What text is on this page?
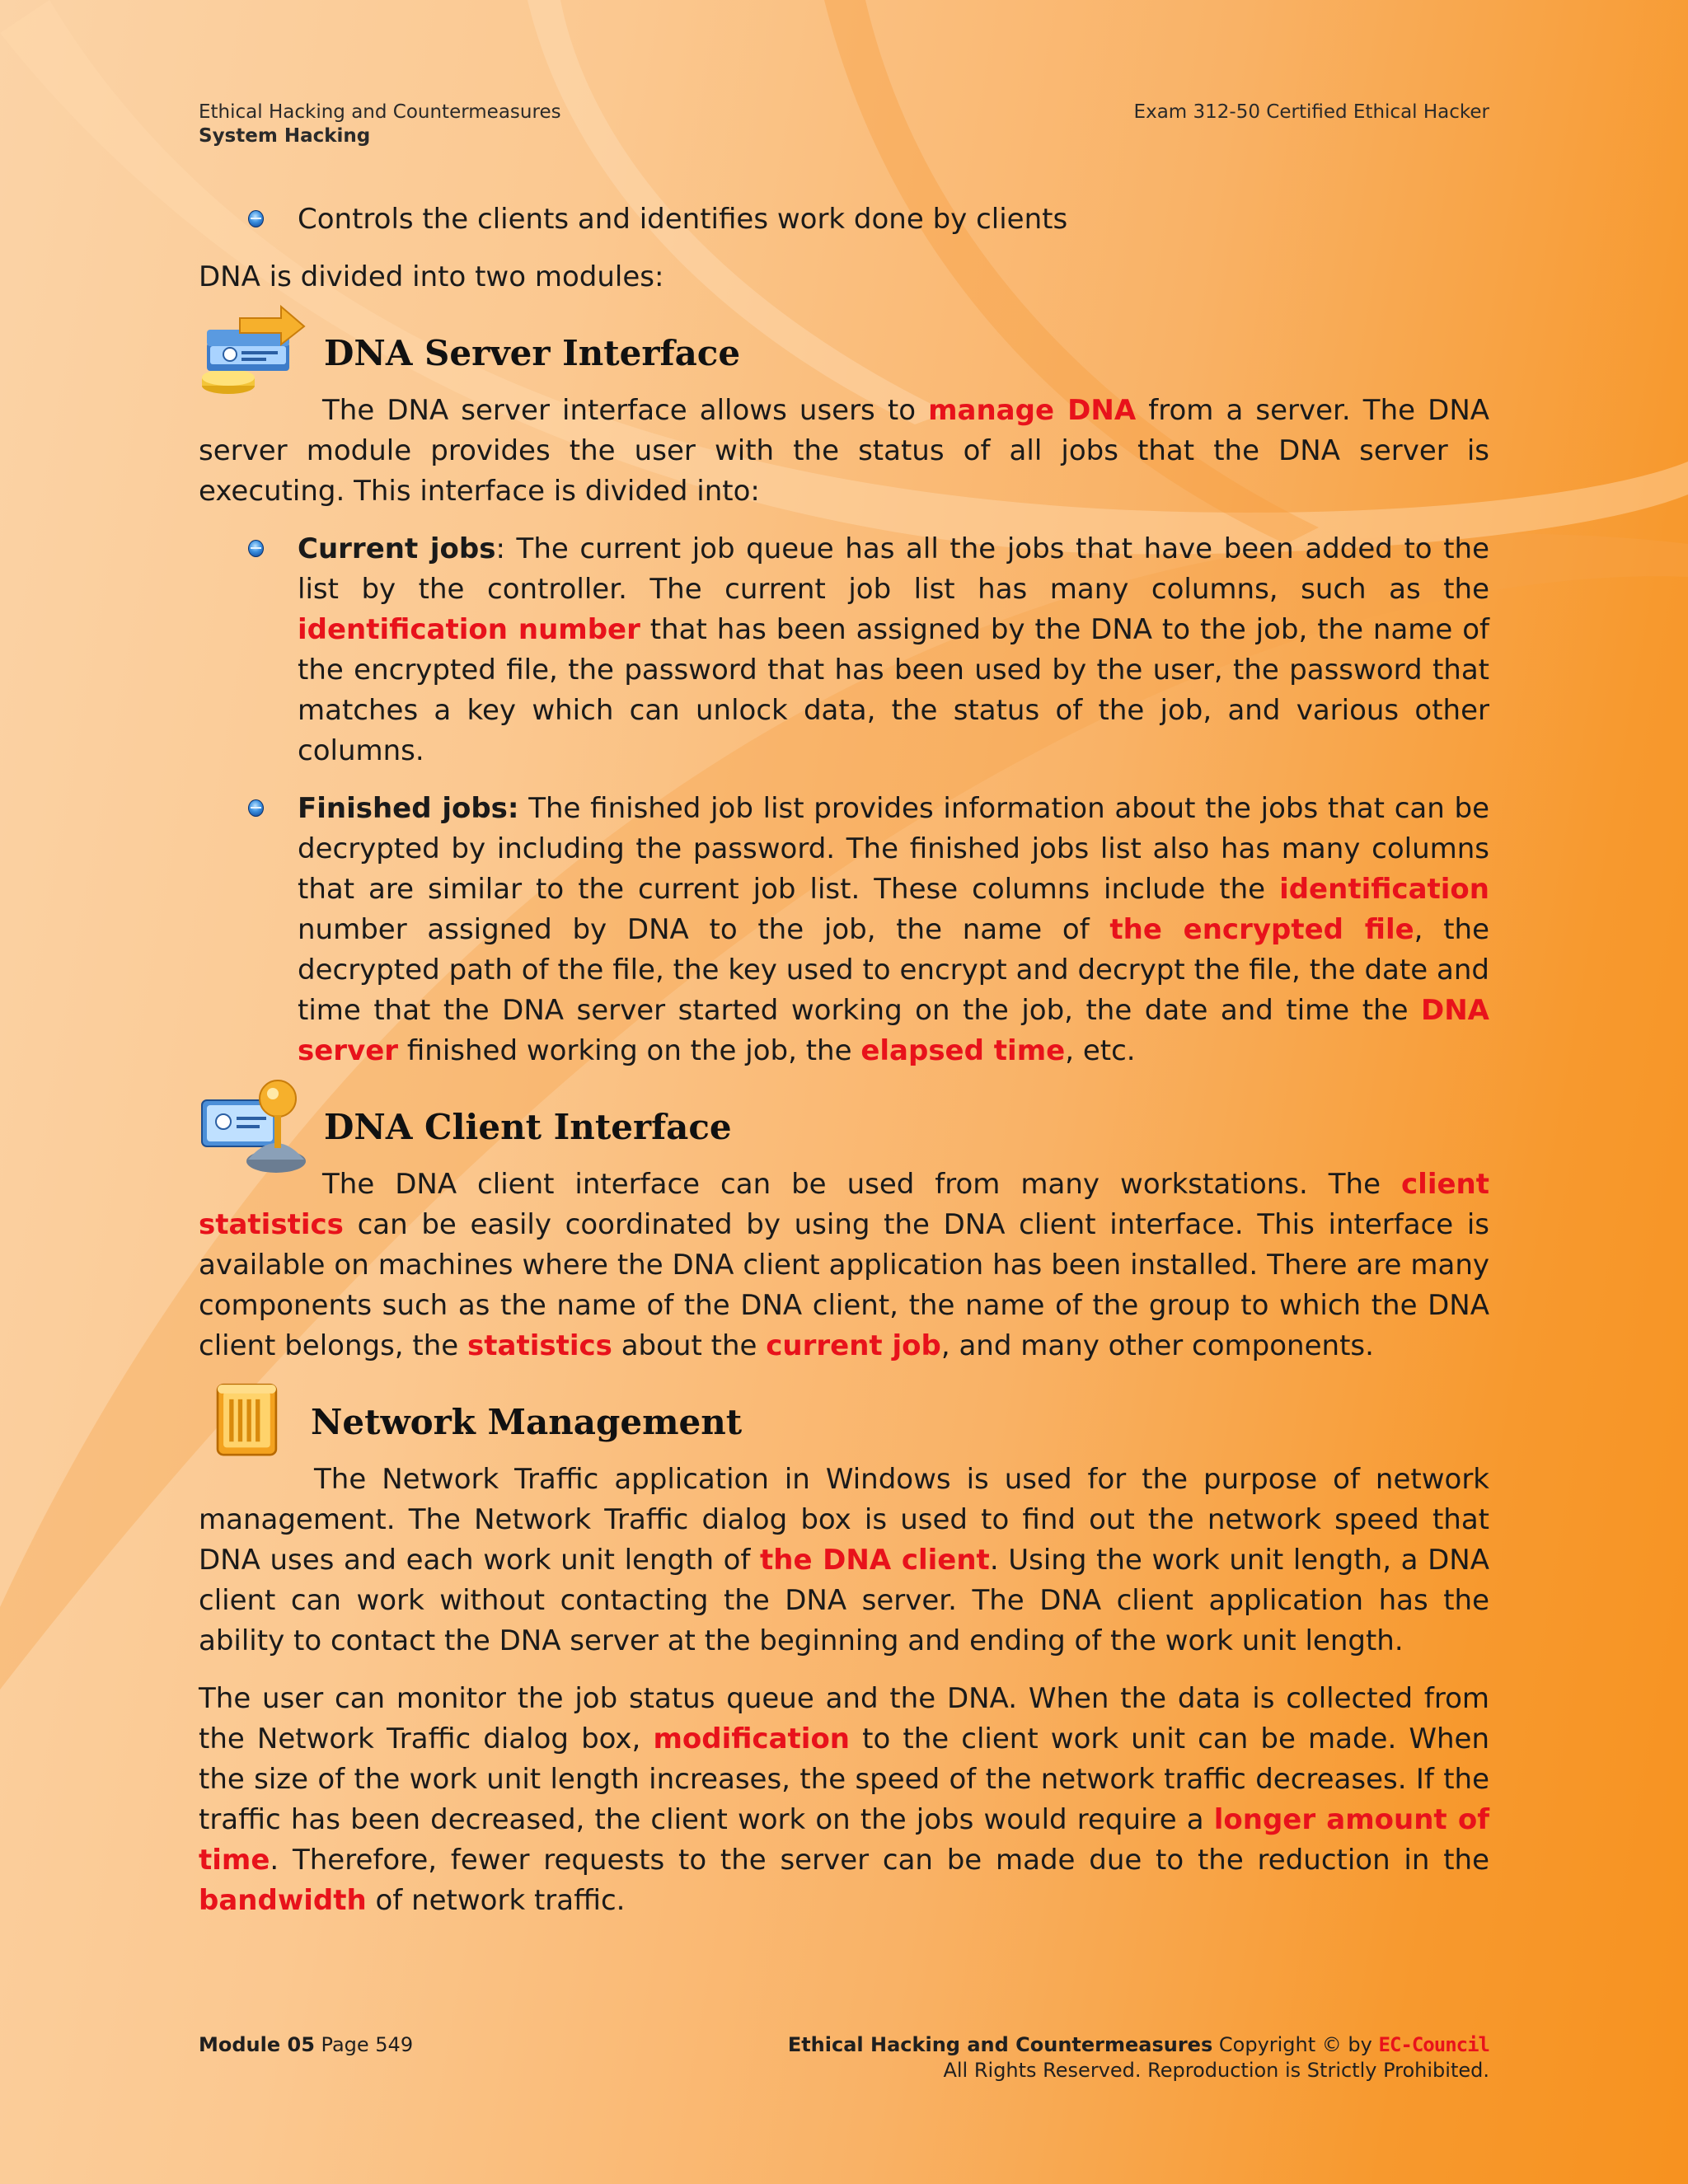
Ethical Hacking and Countermeasures
System Hacking
Exam 312-50 Certified Ethical Hacker
Controls the clients and identifies work done by clients

DNA is divided into two modules:

DNA Server Interface

The DNA server interface allows users to manage DNA from a server. The DNA server module provides the user with the status of all jobs that the DNA server is executing. This interface is divided into:

Current jobs: The current job queue has all the jobs that have been added to the list by the controller. The current job list has many columns, such as the identification number that has been assigned by the DNA to the job, the name of the encrypted file, the password that has been used by the user, the password that matches a key which can unlock data, the status of the job, and various other columns.
Finished jobs: The finished job list provides information about the jobs that can be decrypted by including the password. The finished jobs list also has many columns that are similar to the current job list. These columns include the identification number assigned by DNA to the job, the name of the encrypted file, the decrypted path of the file, the key used to encrypt and decrypt the file, the date and time that the DNA server started working on the job, the date and time the DNA server finished working on the job, the elapsed time, etc.
DNA Client Interface

The DNA client interface can be used from many workstations. The client statistics can be easily coordinated by using the DNA client interface. This interface is available on machines where the DNA client application has been installed. There are many components such as the name of the DNA client, the name of the group to which the DNA client belongs, the statistics about the current job, and many other components.

Network Management

The Network Traffic application in Windows is used for the purpose of network management. The Network Traffic dialog box is used to find out the network speed that DNA uses and each work unit length of the DNA client. Using the work unit length, a DNA client can work without contacting the DNA server. The DNA client application has the ability to contact the DNA server at the beginning and ending of the work unit length.

The user can monitor the job status queue and the DNA. When the data is collected from the Network Traffic dialog box, modification to the client work unit can be made. When the size of the work unit length increases, the speed of the network traffic decreases. If the traffic has been decreased, the client work on the jobs would require a longer amount of time. Therefore, fewer requests to the server can be made due to the reduction in the bandwidth of network traffic.

Module 05 Page 549	Ethical Hacking and Countermeasures Copyright © by EC-Council
All Rights Reserved. Reproduction is Strictly Prohibited.
